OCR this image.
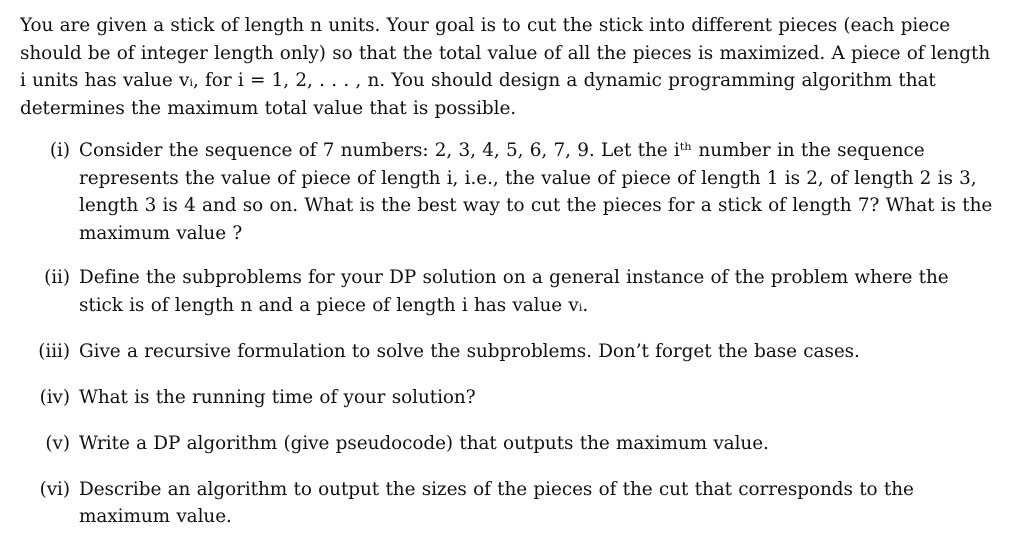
You are given a stick of length n units. Your goal is to cut the stick into different pieces (each piece should be of integer length only) so that the total value of all the pieces is maximized. A piece of length i units has value vᵢ, for i = 1, 2, . . . , n. You should design a dynamic programming algorithm that determines the maximum total value that is possible.

(i) Consider the sequence of 7 numbers: 2, 3, 4, 5, 6, 7, 9. Let the iᵗʰ number in the sequence represents the value of piece of length i, i.e., the value of piece of length 1 is 2, of length 2 is 3, length 3 is 4 and so on. What is the best way to cut the pieces for a stick of length 7? What is the maximum value ?
(ii) Define the subproblems for your DP solution on a general instance of the problem where the stick is of length n and a piece of length i has value vᵢ.
(iii) Give a recursive formulation to solve the subproblems. Don’t forget the base cases.
(iv) What is the running time of your solution?
(v) Write a DP algorithm (give pseudocode) that outputs the maximum value.
(vi) Describe an algorithm to output the sizes of the pieces of the cut that corresponds to the maximum value.
